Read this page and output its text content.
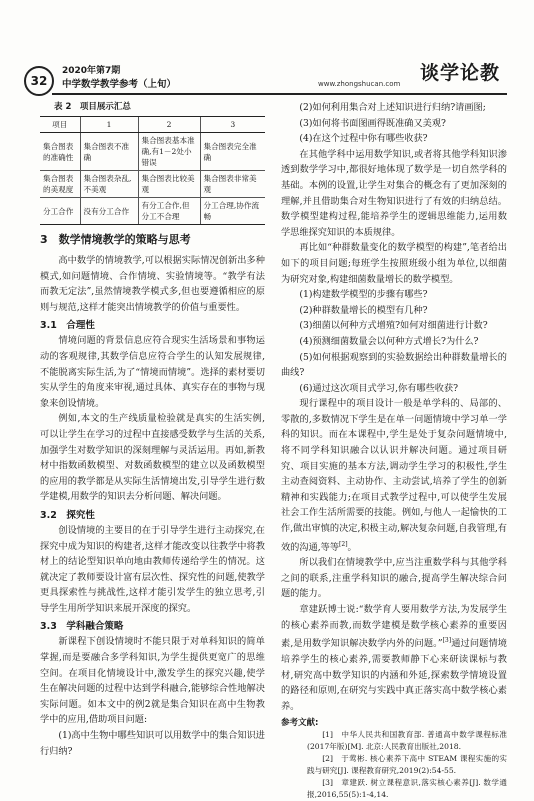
32
2020年第7期
中学数学教学参考（上旬）	www.zhongshucan.com 谈学论教
表 2　项目展示汇总
项目	1	2	3
集合图表的准确性	集合图表不准确	集合图表基本准确,有1－2处小错误	集合图表完全准确
集合图表的美观度	集合图表杂乱,不美观	集合图表比较美观	集合图表非常美观
分工合作	没有分工合作	有分工合作,但分工不合理	分工合理,协作流畅
3　数学情境教学的策略与思考

高中数学的情境教学,可以根据实际情况创新出多种模式,如问题情境、合作情境、实验情境等。“教学有法而教无定法”,虽然情境教学模式多,但也要遵循相应的原则与规范,这样才能突出情境教学的价值与重要性。

3.1　合理性

情境问题的背景信息应符合现实生活场景和事物运动的客观规律,其数学信息应符合学生的认知发展规律,不能脱离实际生活,为了“情境而情境”。选择的素材要切实从学生的角度来审视,通过具体、真实存在的事物与现象来创设情境。

例如,本文的生产线质量检验就是真实的生活实例,可以让学生在学习的过程中直接感受数学与生活的关系,加强学生对数学知识的深刻理解与灵活运用。再如,新教材中指数函数模型、对数函数模型的建立以及函数模型的应用的教学都是从实际生活情境出发,引导学生进行数学建模,用数学的知识去分析问题、解决问题。

3.2　探究性

创设情境的主要目的在于引导学生进行主动探究,在探究中成为知识的构建者,这样才能改变以往教学中将教材上的结论型知识单向地由教师传递给学生的情况。这就决定了教师要设计富有层次性、探究性的问题,使教学更具探索性与挑战性,这样才能引发学生的独立思考,引导学生用所学知识来展开深度的探究。

3.3　学科融合策略

新课程下创设情境时不能只限于对单科知识的简单掌握,而是要融合多学科知识,为学生提供更宽广的思维空间。在项目化情境设计中,激发学生的探究兴趣,使学生在解决问题的过程中达到学科融合,能够综合性地解决实际问题。如本文中的例2就是集合知识在高中生物教学中的应用,借助项目问题:

(1)高中生物中哪些知识可以用数学中的集合知识进行归纳?

(2)如何利用集合对上述知识进行归纳?请画图;

(3)如何将书面图画得既准确又美观?

(4)在这个过程中你有哪些收获?

在其他学科中运用数学知识,或者将其他学科知识渗透到数学学习中,都很好地体现了数学是一切自然学科的基础。本例的设置,让学生对集合的概念有了更加深刻的理解,并且借助集合对生物知识进行了有效的归纳总结。数学模型建构过程,能培养学生的逻辑思维能力,运用数学思维探究知识的本质规律。

再比如“种群数量变化的数学模型的构建”,笔者给出如下的项目问题;每班学生按照班级小组为单位,以细菌为研究对象,构建细菌数量增长的数学模型。

(1)构建数学模型的步骤有哪些?

(2)种群数量增长的模型有几种?

(3)细菌以何种方式增殖?如何对细菌进行计数?

(4)预测细菌数量会以何种方式增长?为什么?

(5)如何根据观察到的实验数据绘出种群数量增长的曲线?

(6)通过这次项目式学习,你有哪些收获?

现行课程中的项目设计一般是单学科的、局部的、零散的,多数情况下学生是在单一问题情境中学习单一学科的知识。而在本课程中,学生是处于复杂问题情境中,将不同学科知识融合以认识并解决问题。通过项目研究、项目实施的基本方法,调动学生学习的积极性,学生主动查阅资料、主动协作、主动尝试,培养了学生的创新精神和实践能力;在项目式教学过程中,可以使学生发展社会工作生活所需要的技能。例如,与他人一起愉快的工作,做出审慎的决定,积极主动,解决复杂问题,自我管理,有效的沟通,等等[2]。

所以我们在情境教学中,应当注重数学科与其他学科之间的联系,注重学科知识的融合,提高学生解决综合问题的能力。

章建跃博士说:“数学育人要用数学方法,为发展学生的核心素养而教,而数学建模是数学核心素养的重要因素,是用数学知识解决数学内外的问题。”[3]通过问题情境培养学生的核心素养,需要教师静下心来研读课标与教材,研究高中数学知识的内涵和外延,探索数学情境设置的路径和原则,在研究与实践中真正落实高中数学核心素养。

参考文献:

[1]　中华人民共和国教育部. 普通高中数学课程标准(2017年版)[M]. 北京:人民教育出版社,2018.

[2]　于莺彬. 核心素养下高中 STEAM 课程实施的实践与研究[J]. 课程教育研究,2019(2):54-55.

[3]　章建跃. 树立课程意识,落实核心素养[J]. 数学通报,2016,55(5):1-4,14.
